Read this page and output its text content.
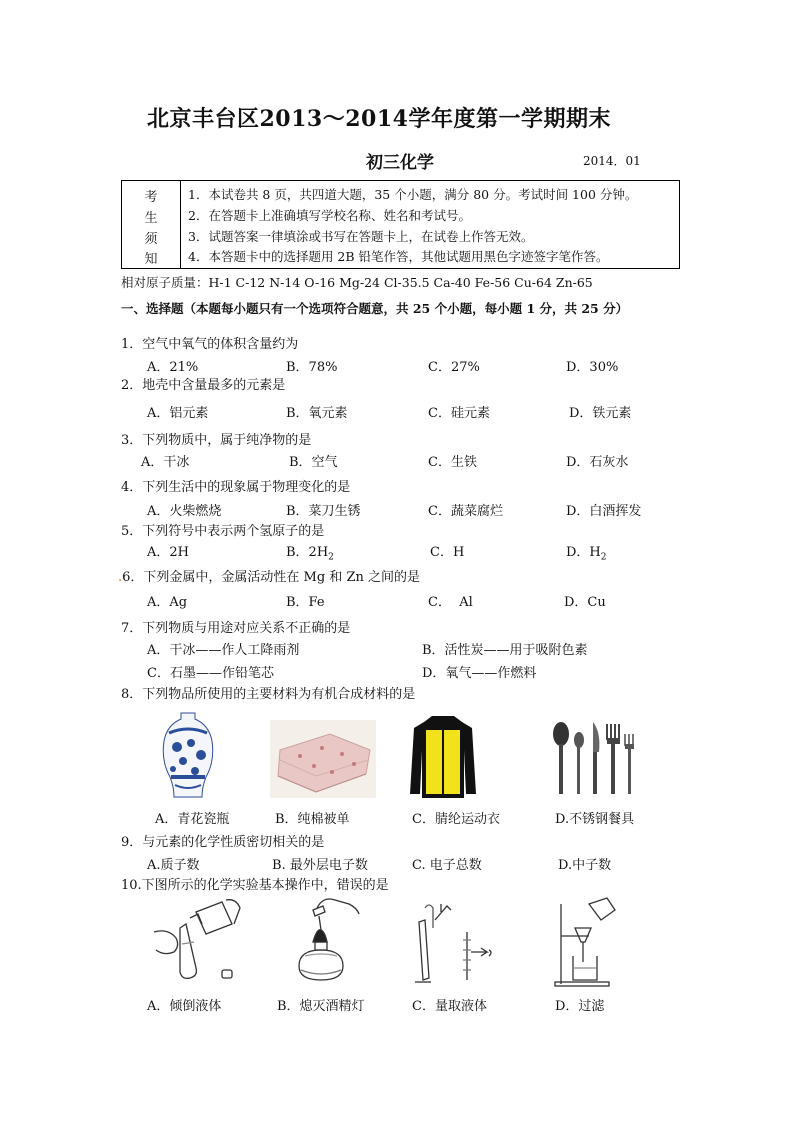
北京丰台区2013～2014学年度第一学期期末
初三化学	2014．01
考
生
须
知
1．本试卷共 8 页，共四道大题，35 个小题，满分 80 分。考试时间 100 分钟。
2．在答题卡上准确填写学校名称、姓名和考试号。
3．试题答案一律填涂或书写在答题卡上，在试卷上作答无效。
4．本答题卡中的选择题用 2B 铅笔作答，其他试题用黑色字迹签字笔作答。
相对原子质量：H-1 C-12 N-14 O-16 Mg-24 Cl-35.5 Ca-40 Fe-56 Cu-64 Zn-65
一、选择题（本题每小题只有一个选项符合题意，共 25 个小题，每小题 1 分，共 25 分）
1．空气中氧气的体积含量约为
A．21%	B．78%	C．27%	D．30%
2．地壳中含量最多的元素是
A．铝元素	B．氧元素	C．硅元素	D．铁元素
3．下列物质中，属于纯净物的是
A．干冰	B．空气	C．生铁	D．石灰水
4．下列生活中的现象属于物理变化的是
A．火柴燃烧	B．菜刀生锈	C．蔬菜腐烂	D．白酒挥发
5．下列符号中表示两个氢原子的是
A．2H	B．$2H_2$	C．H	D．$H_2$
.6．下列金属中，金属活动性在 Mg 和 Zn 之间的是
A．Ag	B．Fe	C．  Al	D．Cu
7．下列物质与用途对应关系不正确的是
A．干冰——作人工降雨剂	B．活性炭——用于吸附色素
C．石墨——作铅笔芯	D．氧气——作燃料
8．下列物品所使用的主要材料为有机合成材料的是
A．青花瓷瓶	B．纯棉被单	C．腈纶运动衣	D.不锈钢餐具
9．与元素的化学性质密切相关的是
A.质子数	B. 最外层电子数	C. 电子总数	D.中子数
10.下图所示的化学实验基本操作中，错误的是
A．倾倒液体	B．熄灭酒精灯	C．量取液体	D．过滤
